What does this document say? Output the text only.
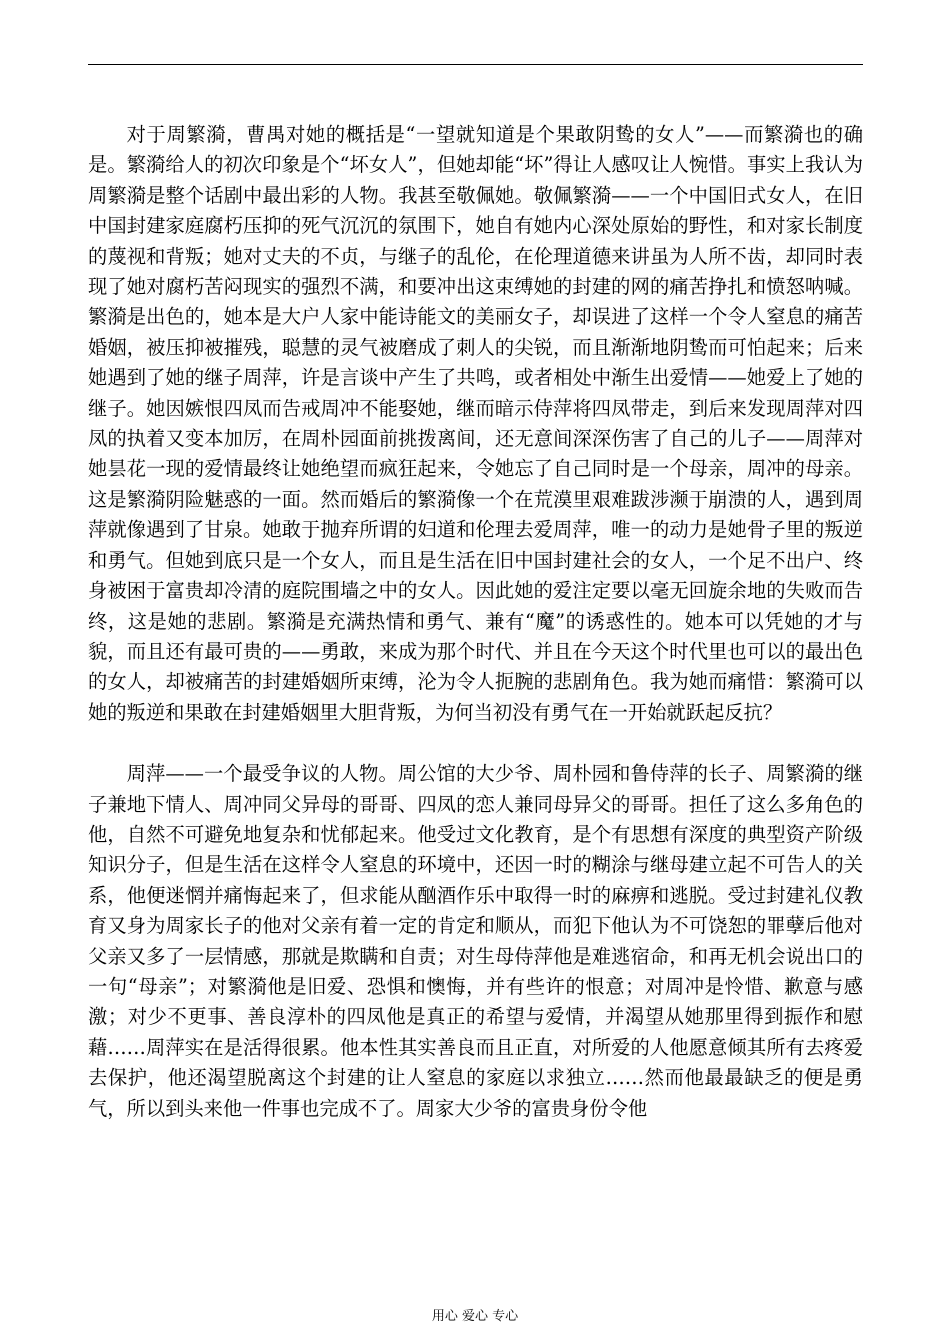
对于周繁漪，曹禺对她的概括是“一望就知道是个果敢阴鸷的女人”——而繁漪也的确是。繁漪给人的初次印象是个“坏女人”，但她却能“坏”得让人感叹让人惋惜。事实上我认为周繁漪是整个话剧中最出彩的人物。我甚至敬佩她。敬佩繁漪——一个中国旧式女人，在旧中国封建家庭腐朽压抑的死气沉沉的氛围下，她自有她内心深处原始的野性，和对家长制度的蔑视和背叛；她对丈夫的不贞，与继子的乱伦，在伦理道德来讲虽为人所不齿，却同时表现了她对腐朽苦闷现实的强烈不满，和要冲出这束缚她的封建的网的痛苦挣扎和愤怒呐喊。繁漪是出色的，她本是大户人家中能诗能文的美丽女子，却误进了这样一个令人窒息的痛苦婚姻，被压抑被摧残，聪慧的灵气被磨成了刺人的尖锐，而且渐渐地阴鸷而可怕起来；后来她遇到了她的继子周萍，许是言谈中产生了共鸣，或者相处中渐生出爱情——她爱上了她的继子。她因嫉恨四凤而告戒周冲不能娶她，继而暗示侍萍将四凤带走，到后来发现周萍对四凤的执着又变本加厉，在周朴园面前挑拨离间，还无意间深深伤害了自己的儿子——周萍对她昙花一现的爱情最终让她绝望而疯狂起来，令她忘了自己同时是一个母亲，周冲的母亲。这是繁漪阴险魅惑的一面。然而婚后的繁漪像一个在荒漠里艰难跋涉濒于崩溃的人，遇到周萍就像遇到了甘泉。她敢于抛弃所谓的妇道和伦理去爱周萍，唯一的动力是她骨子里的叛逆和勇气。但她到底只是一个女人，而且是生活在旧中国封建社会的女人，一个足不出户、终身被困于富贵却冷清的庭院围墙之中的女人。因此她的爱注定要以毫无回旋余地的失败而告终，这是她的悲剧。繁漪是充满热情和勇气、兼有“魔”的诱惑性的。她本可以凭她的才与貌，而且还有最可贵的——勇敢，来成为那个时代、并且在今天这个时代里也可以的最出色的女人，却被痛苦的封建婚姻所束缚，沦为令人扼腕的悲剧角色。我为她而痛惜：繁漪可以她的叛逆和果敢在封建婚姻里大胆背叛，为何当初没有勇气在一开始就跃起反抗？

周萍——一个最受争议的人物。周公馆的大少爷、周朴园和鲁侍萍的长子、周繁漪的继子兼地下情人、周冲同父异母的哥哥、四凤的恋人兼同母异父的哥哥。担任了这么多角色的他，自然不可避免地复杂和忧郁起来。他受过文化教育，是个有思想有深度的典型资产阶级知识分子，但是生活在这样令人窒息的环境中，还因一时的糊涂与继母建立起不可告人的关系，他便迷惘并痛悔起来了，但求能从酗酒作乐中取得一时的麻痹和逃脱。受过封建礼仪教育又身为周家长子的他对父亲有着一定的肯定和顺从，而犯下他认为不可饶恕的罪孽后他对父亲又多了一层情感，那就是欺瞒和自责；对生母侍萍他是难逃宿命，和再无机会说出口的一句“母亲”；对繁漪他是旧爱、恐惧和懊悔，并有些许的恨意；对周冲是怜惜、歉意与感激；对少不更事、善良淳朴的四凤他是真正的希望与爱情，并渴望从她那里得到振作和慰藉……周萍实在是活得很累。他本性其实善良而且正直，对所爱的人他愿意倾其所有去疼爱去保护，他还渴望脱离这个封建的让人窒息的家庭以求独立……然而他最最缺乏的便是勇气，所以到头来他一件事也完成不了。周家大少爷的富贵身份令他

用心 爱心 专心
